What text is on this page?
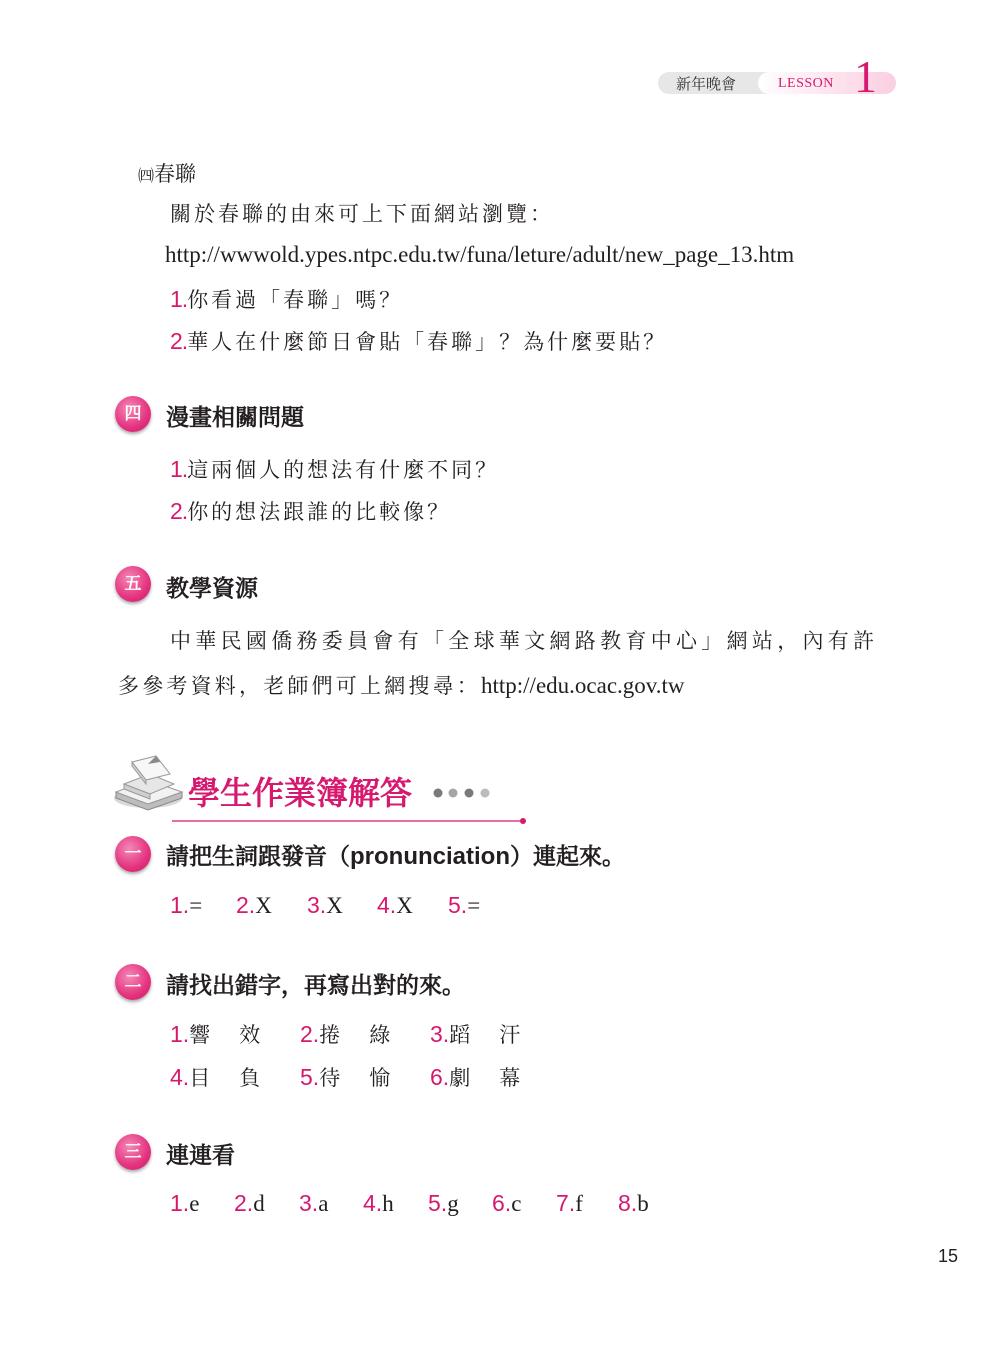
新年晚會	LESSON 1
㈣春聯
關於春聯的由來可上下面網站瀏覽：
http://wwwold.ypes.ntpc.edu.tw/funa/leture/adult/new_page_13.htm
1.你看過「春聯」嗎？
2.華人在什麼節日會貼「春聯」？為什麼要貼？
四	漫畫相關問題
1.這兩個人的想法有什麼不同？
2.你的想法跟誰的比較像？
五	教學資源
中華民國僑務委員會有「全球華文網路教育中心」網站，內有許
多參考資料，老師們可上網搜尋：http://edu.ocac.gov.tw
學生作業簿解答
一	請把生詞跟發音（pronunciation）連起來。
1.= 2.X 3.X 4.X 5.=
二	請找出錯字，再寫出對的來。
1.響 效 2.捲 綠 3.蹈 汗
4.目 負 5.待 愉 6.劇 幕
三	連連看
1.e 2.d 3.a 4.h 5.g 6.c 7.f 8.b
15
